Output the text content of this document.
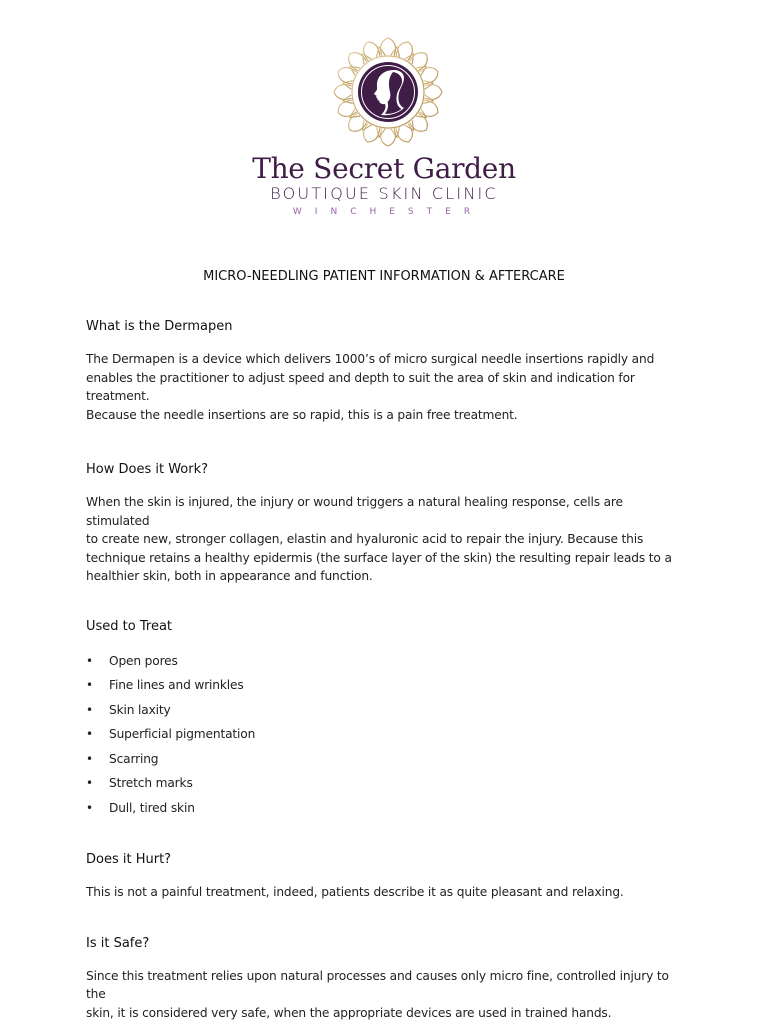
The Secret Garden
BOUTIQUE SKIN CLINIC
WINCHESTER
MICRO-NEEDLING PATIENT INFORMATION & AFTERCARE
What is the Dermapen
The Dermapen is a device which delivers 1000’s of micro surgical needle insertions rapidly and
enables the practitioner to adjust speed and depth to suit the area of skin and indication for treatment.
Because the needle insertions are so rapid, this is a pain free treatment.
How Does it Work?
When the skin is injured, the injury or wound triggers a natural healing response, cells are stimulated
to create new, stronger collagen, elastin and hyaluronic acid to repair the injury. Because this
technique retains a healthy epidermis (the surface layer of the skin) the resulting repair leads to a
healthier skin, both in appearance and function.
Used to Treat
• Open pores
• Fine lines and wrinkles
• Skin laxity
• Superficial pigmentation
• Scarring
• Stretch marks
• Dull, tired skin
Does it Hurt?
This is not a painful treatment, indeed, patients describe it as quite pleasant and relaxing.
Is it Safe?
Since this treatment relies upon natural processes and causes only micro fine, controlled injury to the
skin, it is considered very safe, when the appropriate devices are used in trained hands.
